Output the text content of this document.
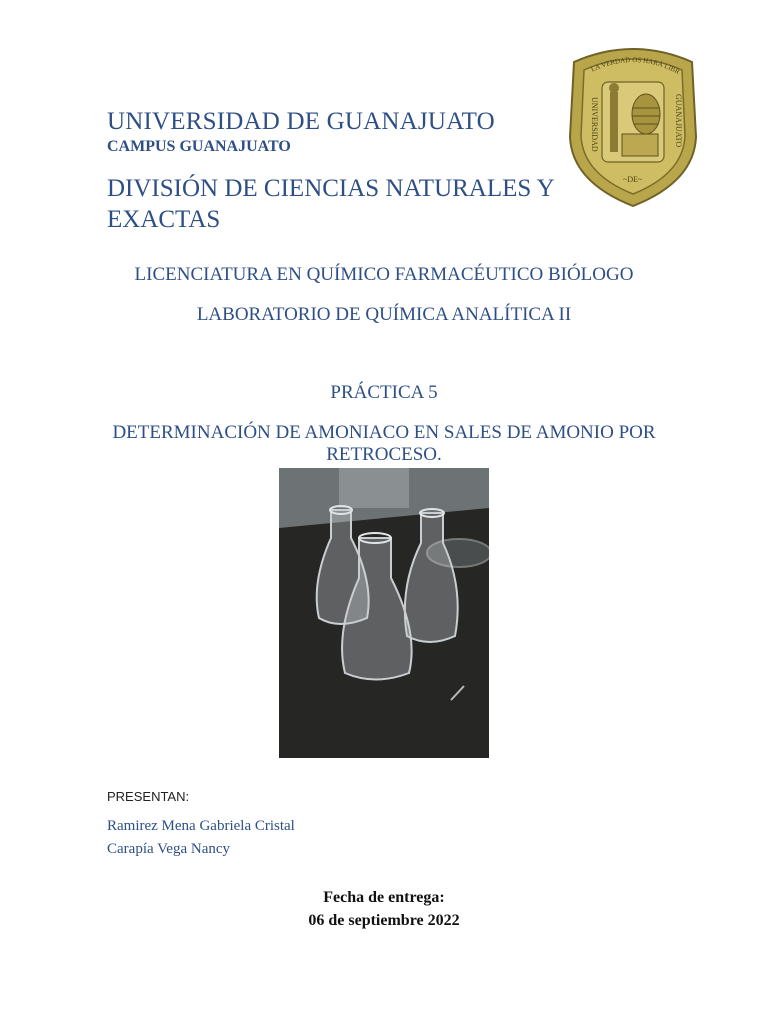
UNIVERSIDAD DE GUANAJUATO
CAMPUS GUANAJUATO
DIVISIÓN DE CIENCIAS NATURALES Y EXACTAS
LA VERDAD OS HARÁ LIBR
UNIVERSIDAD	GUANAJUATO
~DE~
LICENCIATURA EN QUÍMICO FARMACÉUTICO BIÓLOGO
LABORATORIO DE QUÍMICA ANALÍTICA II
PRÁCTICA 5
DETERMINACIÓN DE AMONIACO EN SALES DE AMONIO POR RETROCESO.
PRESENTAN:
Ramirez Mena Gabriela Cristal
Carapía Vega Nancy
Fecha de entrega:
06 de septiembre 2022
